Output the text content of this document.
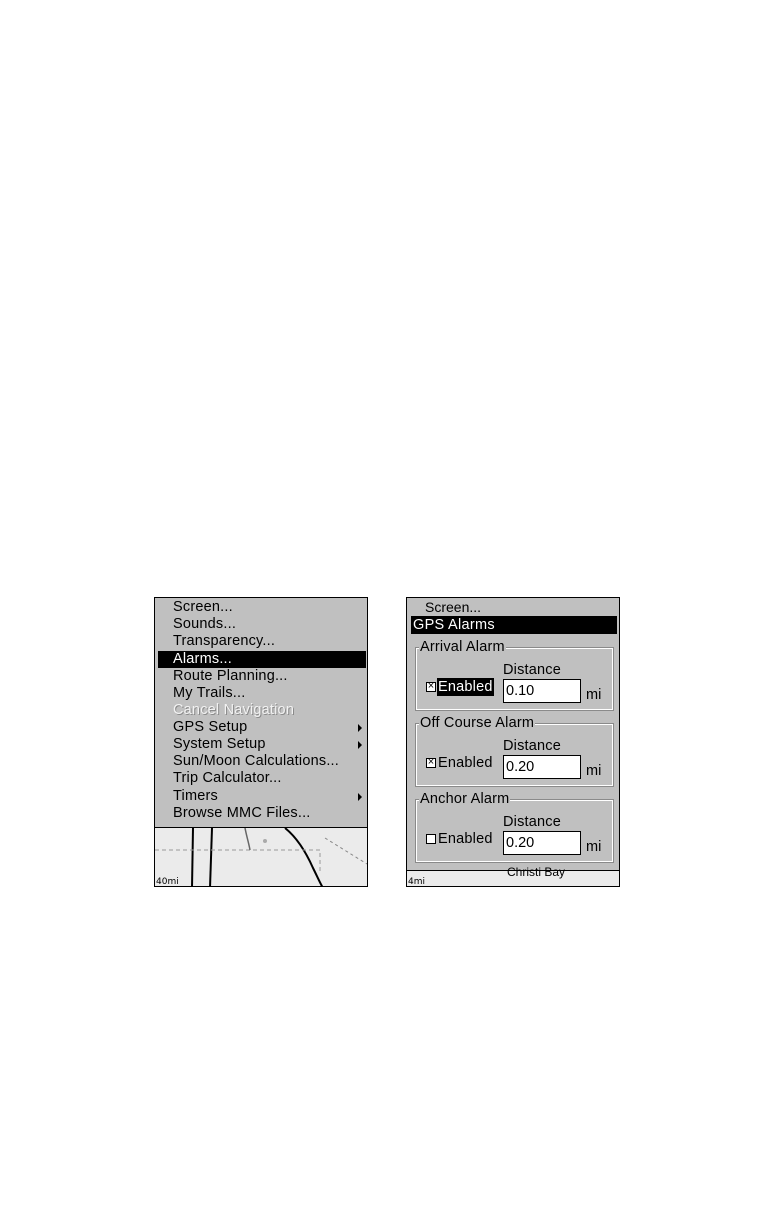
Screen...
Sounds...
Transparency...
Alarms...
Route Planning...
My Trails...
Cancel Navigation
GPS Setup
System Setup
Sun/Moon Calculations...
Trip Calculator...
Timers
Browse MMC Files...
40mi
Screen...
GPS Alarms
Arrival Alarm
Distance
×
Enabled 0.10	mi
Off Course Alarm
Distance
×
Enabled 0.20	mi
Anchor Alarm
Distance
Enabled 0.20	mi
Christi Bay
4mi
